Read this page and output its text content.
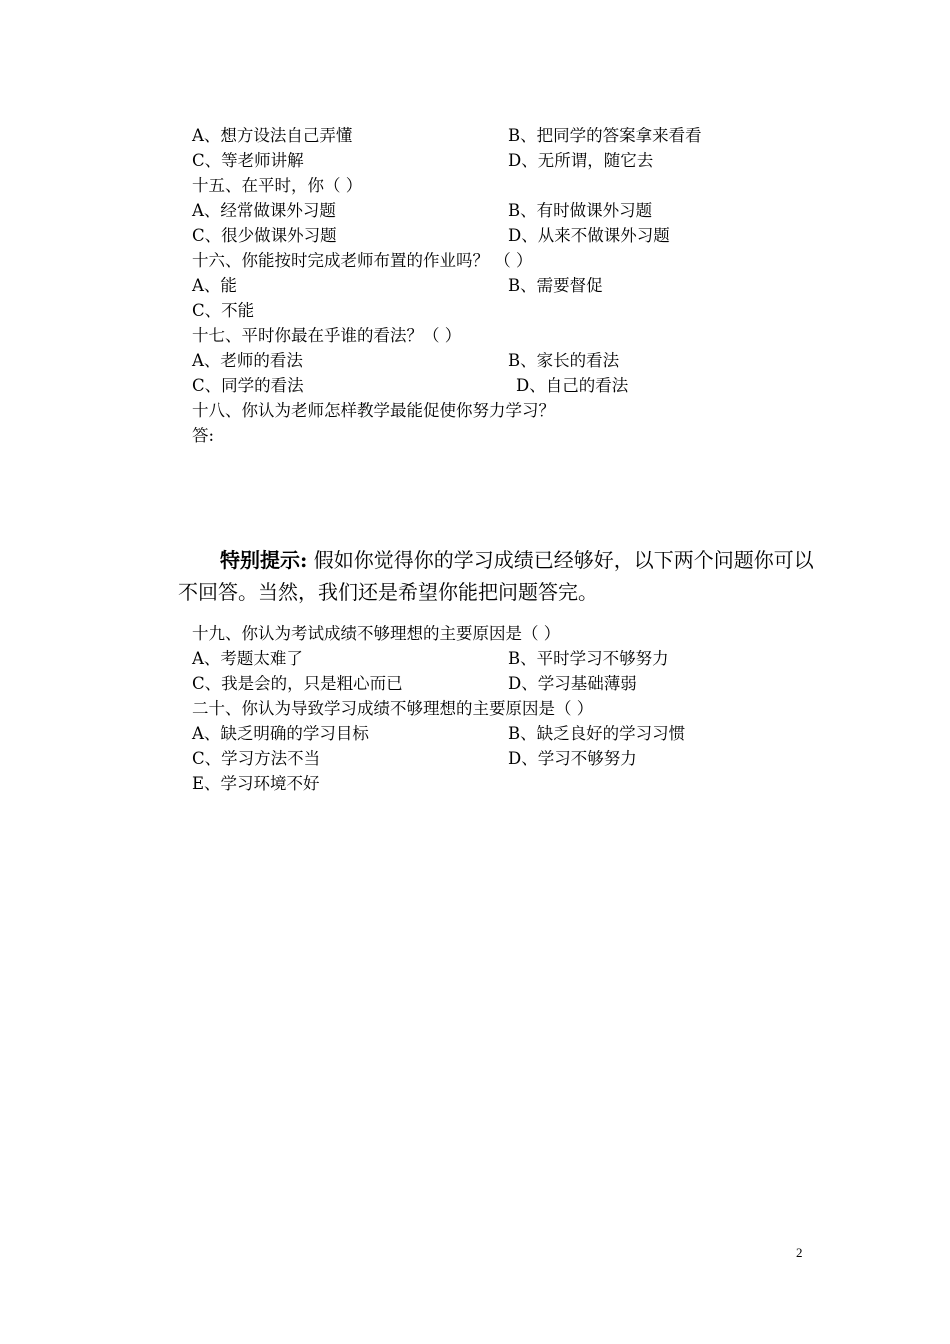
A、想方设法自己弄懂	B、把同学的答案拿来看看
C、等老师讲解	D、无所谓，随它去
十五、在平时，你（ ）
A、经常做课外习题	B、有时做课外习题
C、很少做课外习题	D、从来不做课外习题
十六、你能按时完成老师布置的作业吗？ （ ）
A、能	B、需要督促
C、不能
十七、平时你最在乎谁的看法？（ ）
A、老师的看法	B、家长的看法
C、同学的看法	D、自己的看法
十八、你认为老师怎样教学最能促使你努力学习？
答:
特别提示: 假如你觉得你的学习成绩已经够好，以下两个问题你可以不回答。当然，我们还是希望你能把问题答完。
十九、你认为考试成绩不够理想的主要原因是（ ）
A、考题太难了	B、平时学习不够努力
C、我是会的，只是粗心而已	D、学习基础薄弱
二十、你认为导致学习成绩不够理想的主要原因是（ ）
A、缺乏明确的学习目标	B、缺乏良好的学习习惯
C、学习方法不当	D、学习不够努力
E、学习环境不好
2
